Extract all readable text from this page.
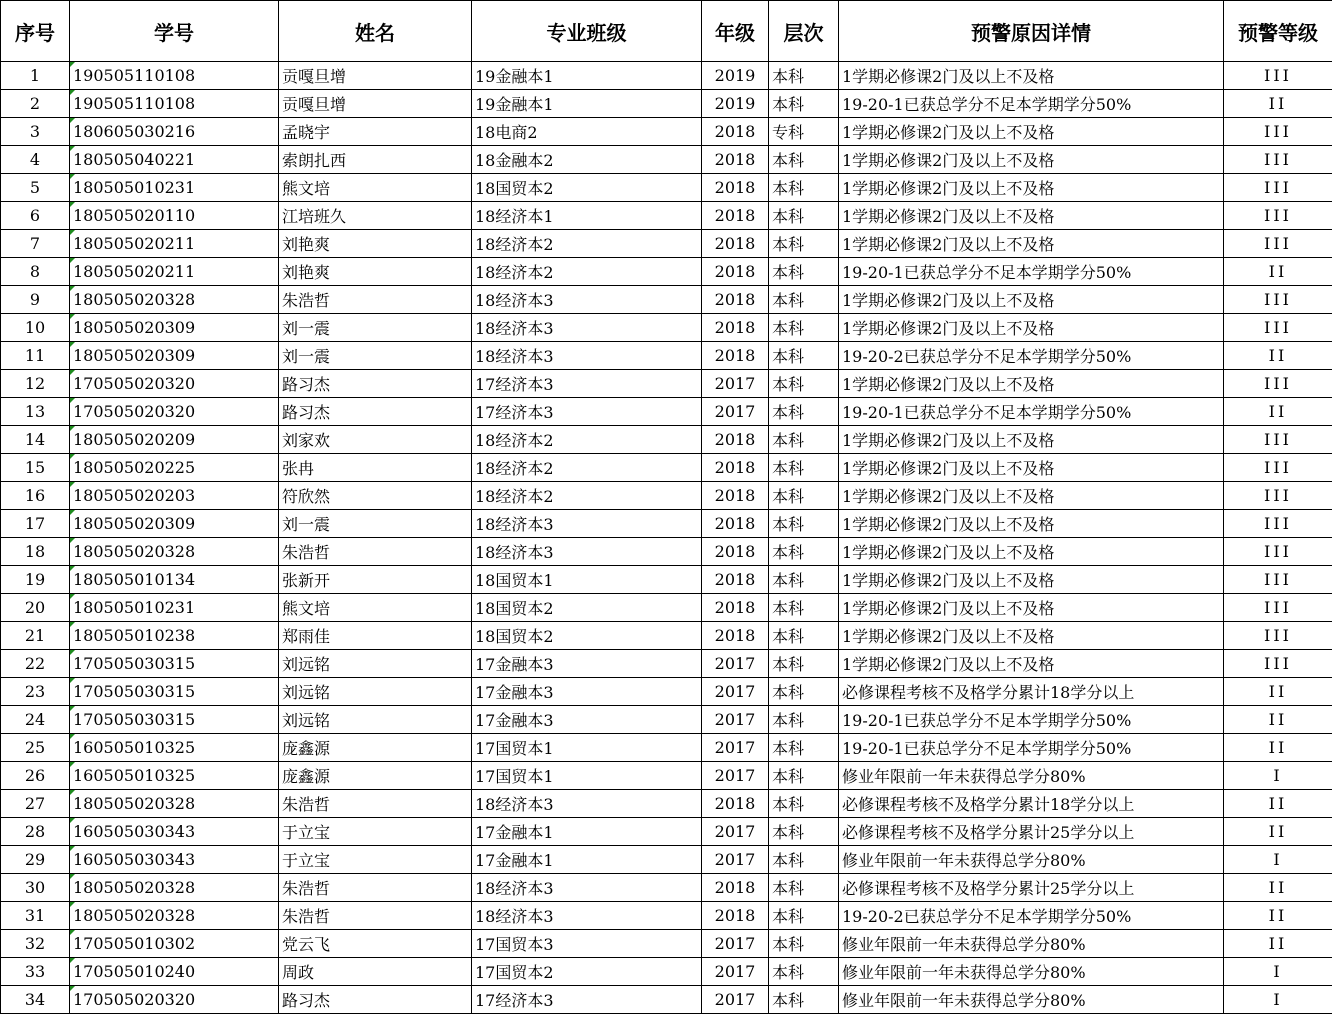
序号	学号	姓名	专业班级	年级	层次	预警原因详情	预警等级
1	190505110108	贡嘎旦增	19金融本1	2019	本科	1学期必修课2门及以上不及格	III
2	190505110108	贡嘎旦增	19金融本1	2019	本科	19-20-1已获总学分不足本学期学分50%	II
3	180605030216	孟晓宇	18电商2	2018	专科	1学期必修课2门及以上不及格	III
4	180505040221	索朗扎西	18金融本2	2018	本科	1学期必修课2门及以上不及格	III
5	180505010231	熊文培	18国贸本2	2018	本科	1学期必修课2门及以上不及格	III
6	180505020110	江培班久	18经济本1	2018	本科	1学期必修课2门及以上不及格	III
7	180505020211	刘艳爽	18经济本2	2018	本科	1学期必修课2门及以上不及格	III
8	180505020211	刘艳爽	18经济本2	2018	本科	19-20-1已获总学分不足本学期学分50%	II
9	180505020328	朱浩哲	18经济本3	2018	本科	1学期必修课2门及以上不及格	III
10	180505020309	刘一震	18经济本3	2018	本科	1学期必修课2门及以上不及格	III
11	180505020309	刘一震	18经济本3	2018	本科	19-20-2已获总学分不足本学期学分50%	II
12	170505020320	路习杰	17经济本3	2017	本科	1学期必修课2门及以上不及格	III
13	170505020320	路习杰	17经济本3	2017	本科	19-20-1已获总学分不足本学期学分50%	II
14	180505020209	刘家欢	18经济本2	2018	本科	1学期必修课2门及以上不及格	III
15	180505020225	张冉	18经济本2	2018	本科	1学期必修课2门及以上不及格	III
16	180505020203	符欣然	18经济本2	2018	本科	1学期必修课2门及以上不及格	III
17	180505020309	刘一震	18经济本3	2018	本科	1学期必修课2门及以上不及格	III
18	180505020328	朱浩哲	18经济本3	2018	本科	1学期必修课2门及以上不及格	III
19	180505010134	张新开	18国贸本1	2018	本科	1学期必修课2门及以上不及格	III
20	180505010231	熊文培	18国贸本2	2018	本科	1学期必修课2门及以上不及格	III
21	180505010238	郑雨佳	18国贸本2	2018	本科	1学期必修课2门及以上不及格	III
22	170505030315	刘远铭	17金融本3	2017	本科	1学期必修课2门及以上不及格	III
23	170505030315	刘远铭	17金融本3	2017	本科	必修课程考核不及格学分累计18学分以上	II
24	170505030315	刘远铭	17金融本3	2017	本科	19-20-1已获总学分不足本学期学分50%	II
25	160505010325	庞鑫源	17国贸本1	2017	本科	19-20-1已获总学分不足本学期学分50%	II
26	160505010325	庞鑫源	17国贸本1	2017	本科	修业年限前一年未获得总学分80%	I
27	180505020328	朱浩哲	18经济本3	2018	本科	必修课程考核不及格学分累计18学分以上	II
28	160505030343	于立宝	17金融本1	2017	本科	必修课程考核不及格学分累计25学分以上	II
29	160505030343	于立宝	17金融本1	2017	本科	修业年限前一年未获得总学分80%	I
30	180505020328	朱浩哲	18经济本3	2018	本科	必修课程考核不及格学分累计25学分以上	II
31	180505020328	朱浩哲	18经济本3	2018	本科	19-20-2已获总学分不足本学期学分50%	II
32	170505010302	党云飞	17国贸本3	2017	本科	修业年限前一年未获得总学分80%	II
33	170505010240	周政	17国贸本2	2017	本科	修业年限前一年未获得总学分80%	I
34	170505020320	路习杰	17经济本3	2017	本科	修业年限前一年未获得总学分80%	I
